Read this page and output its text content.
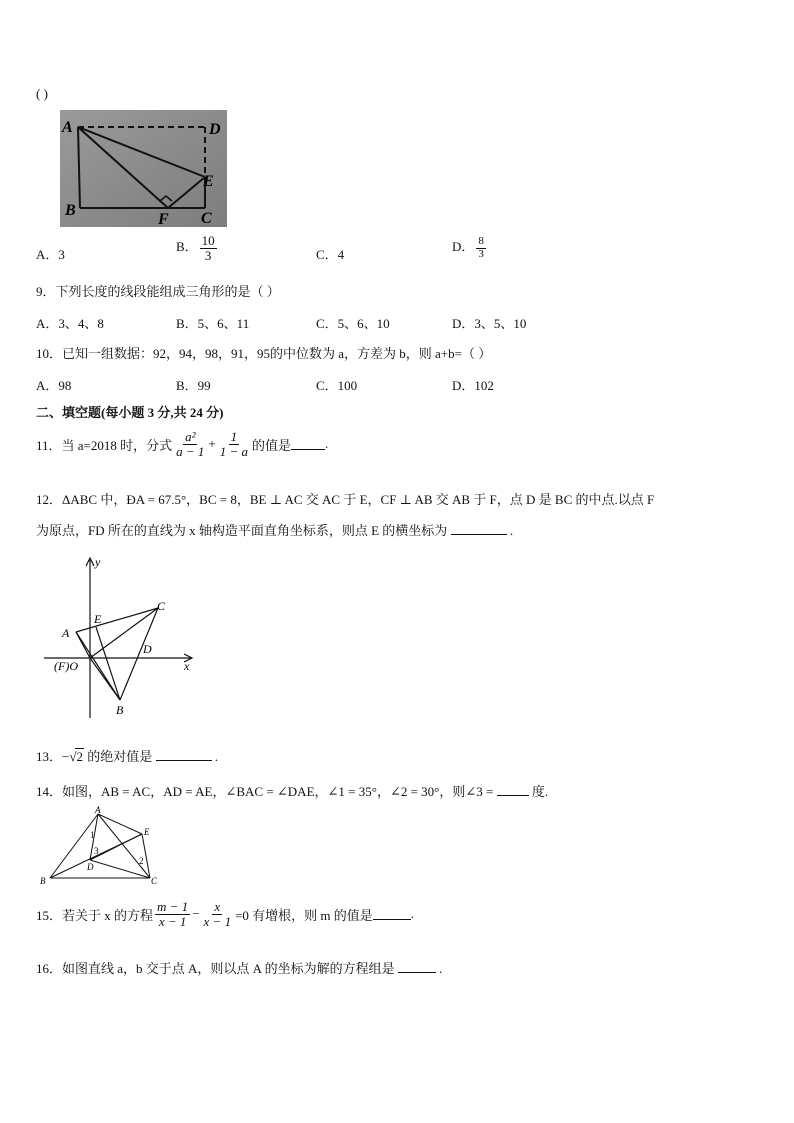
( )
A	D
E
B
F C
A．3
B． $\frac{10}{3}$	C．4
D． $\frac{8}{3}$
9．下列长度的线段能组成三角形的是（ ）
A．3、4、8	B．5、6、11	C．5、6、10	D．3、5、10
10．已知一组数据：92，94，98，91，95的中位数为 a，方差为 b，则 a+b=（ ）
A．98	B．99	C．100	D．102
二、填空题(每小题 3 分,共 24 分)
11．当 a=2018 时，分式 $\frac{\text{a²}}{a - 1} + \frac{1}{1 - a}$ 的值是	.
12．ΔABC 中，ÐA = 67.5°，BC = 8，BE ⊥ AC 交 AC 于 E，CF ⊥ AB 交 AB 于 F，点 D 是 BC 的中点.以点 F
为原点，FD 所在的直线为 x 轴构造平面直角坐标系，则点 E 的横坐标为	.
y
x
A
E
C
D
(F)O
B
13．−√2 的绝对值是	.
14．如图，AB = AC，AD = AE，∠BAC = ∠DAE，∠1 = 35°，∠2 = 30°，则∠3 =	度.
A
E
B	C
D
1
2
3
15．若关于 x 的方程 $\frac{m - 1}{x - 1} - \frac{x}{x - 1} =0$ 有增根，则 m 的值是	.
16．如图直线 a，b 交于点 A，则以点 A 的坐标为解的方程组是	.
